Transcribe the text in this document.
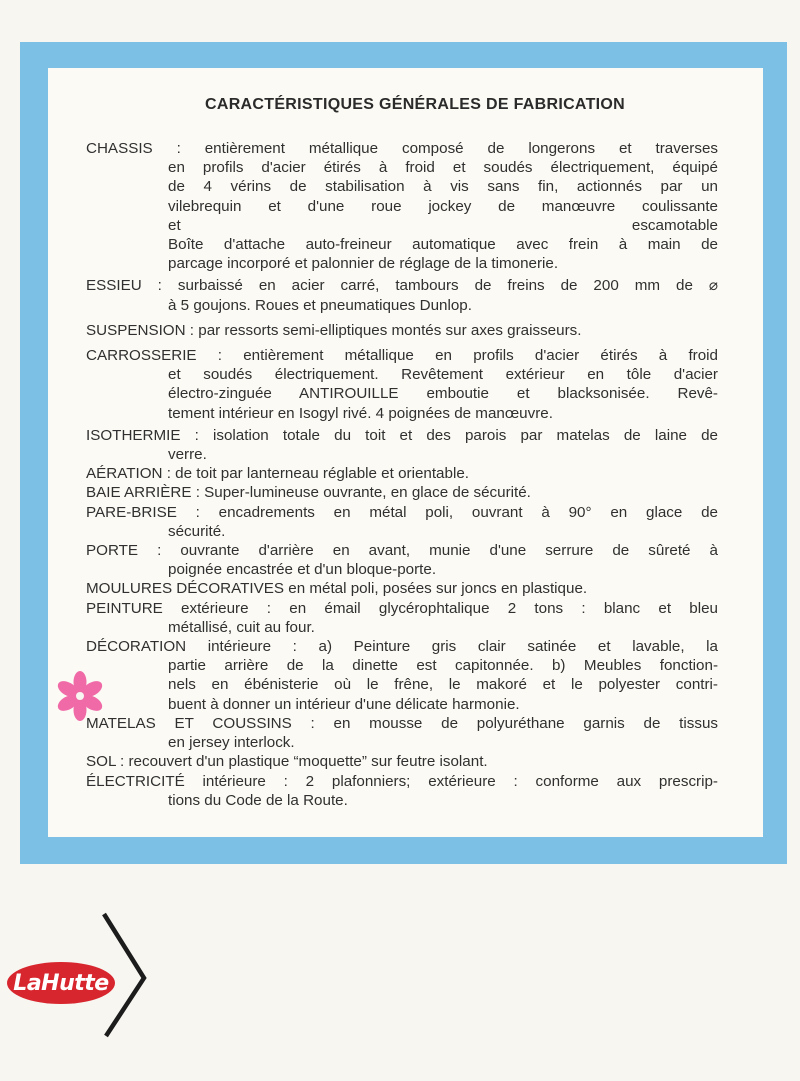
CARACTÉRISTIQUES GÉNÉRALES DE FABRICATION
CHASSIS : entièrement métallique composé de longerons et traverses
en profils d'acier étirés à froid et soudés électriquement, équipé
de 4 vérins de stabilisation à vis sans fin, actionnés par un
vilebrequin et d'une roue jockey de manœuvre coulissante
et escamotable
Boîte d'attache auto-freineur automatique avec frein à main de
parcage incorporé et palonnier de réglage de la timonerie.
ESSIEU : surbaissé en acier carré, tambours de freins de 200 mm de ⌀
à 5 goujons. Roues et pneumatiques Dunlop.
SUSPENSION : par ressorts semi-elliptiques montés sur axes graisseurs.
CARROSSERIE : entièrement métallique en profils d'acier étirés à froid
et soudés électriquement. Revêtement extérieur en tôle d'acier
électro-zinguée ANTIROUILLE emboutie et blacksonisée. Revê-
tement intérieur en Isogyl rivé. 4 poignées de manœuvre.
ISOTHERMIE : isolation totale du toit et des parois par matelas de laine de
verre.
AÉRATION : de toit par lanterneau réglable et orientable.
BAIE ARRIÈRE : Super-lumineuse ouvrante, en glace de sécurité.
PARE-BRISE : encadrements en métal poli, ouvrant à 90° en glace de
sécurité.
PORTE : ouvrante d'arrière en avant, munie d'une serrure de sûreté à
poignée encastrée et d'un bloque-porte.
MOULURES DÉCORATIVES en métal poli, posées sur joncs en plastique.
PEINTURE extérieure : en émail glycérophtalique 2 tons : blanc et bleu
métallisé, cuit au four.
DÉCORATION intérieure : a) Peinture gris clair satinée et lavable, la
partie arrière de la dinette est capitonnée. b) Meubles fonction-
nels en ébénisterie où le frêne, le makoré et le polyester contri-
buent à donner un intérieur d'une délicate harmonie.
MATELAS ET COUSSINS : en mousse de polyuréthane garnis de tissus
en jersey interlock.
SOL : recouvert d'un plastique “moquette” sur feutre isolant.
ÉLECTRICITÉ intérieure : 2 plafonniers; extérieure : conforme aux prescrip-
tions du Code de la Route.
LaHutte
